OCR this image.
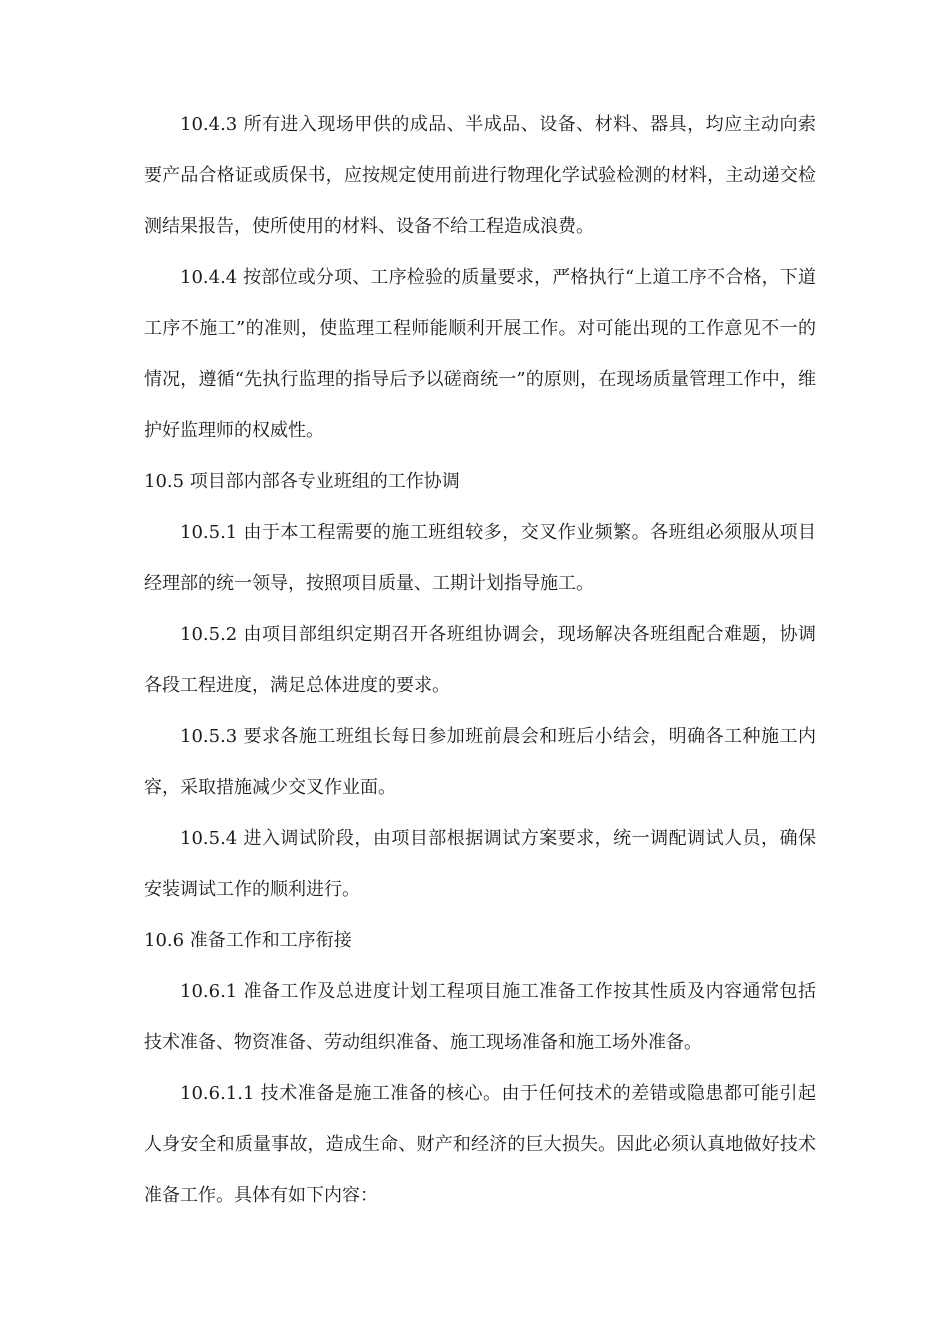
10.4.3 所有进入现场甲供的成品、半成品、设备、材料、器具，均应主动向索要产品合格证或质保书，应按规定使用前进行物理化学试验检测的材料，主动递交检测结果报告，使所使用的材料、设备不给工程造成浪费。

10.4.4 按部位或分项、工序检验的质量要求，严格执行“上道工序不合格，下道工序不施工”的准则，使监理工程师能顺利开展工作。对可能出现的工作意见不一的情况，遵循“先执行监理的指导后予以磋商统一”的原则，在现场质量管理工作中，维护好监理师的权威性。

10.5 项目部内部各专业班组的工作协调

10.5.1 由于本工程需要的施工班组较多，交叉作业频繁。各班组必须服从项目经理部的统一领导，按照项目质量、工期计划指导施工。

10.5.2 由项目部组织定期召开各班组协调会，现场解决各班组配合难题，协调各段工程进度，满足总体进度的要求。

10.5.3 要求各施工班组长每日参加班前晨会和班后小结会，明确各工种施工内容，采取措施减少交叉作业面。

10.5.4 进入调试阶段，由项目部根据调试方案要求，统一调配调试人员，确保安装调试工作的顺利进行。

10.6 准备工作和工序衔接

10.6.1 准备工作及总进度计划工程项目施工准备工作按其性质及内容通常包括技术准备、物资准备、劳动组织准备、施工现场准备和施工场外准备。

10.6.1.1 技术准备是施工准备的核心。由于任何技术的差错或隐患都可能引起人身安全和质量事故，造成生命、财产和经济的巨大损失。因此必须认真地做好技术准备工作。具体有如下内容：
